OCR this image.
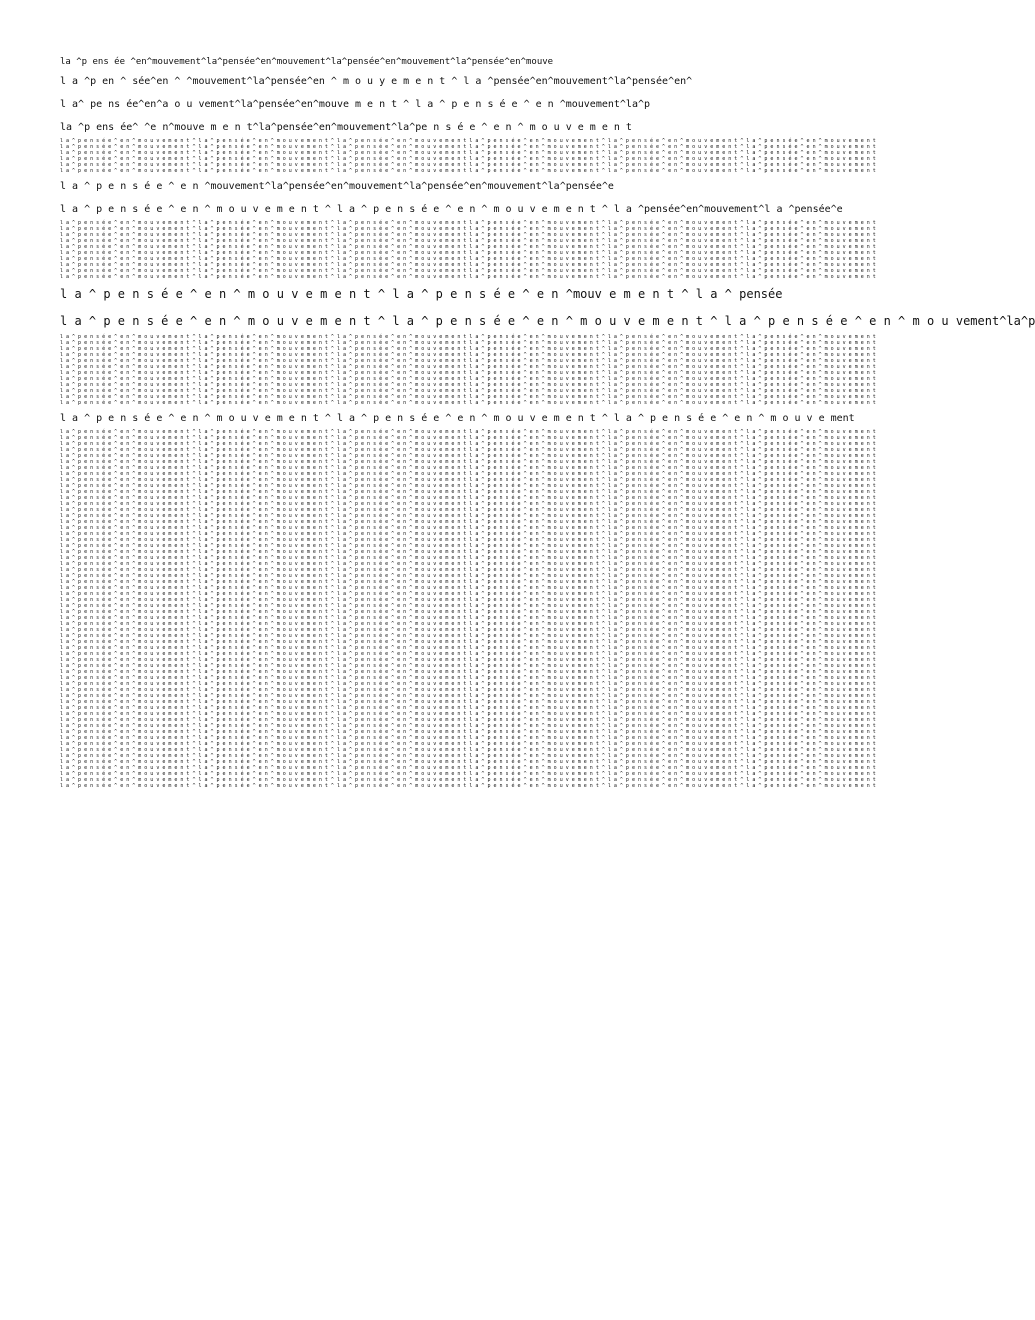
la ^p ens ée ^en^mouvement^la^pensée^en^mouvement^la^pensée^en^mouvement^la^pensée^en^mouve
l a ^p en ^ sée^en ^ ^mouvement^la^pensée^en ^ m o u y e m e n t ^ l a ^pensée^en^mouvement^la^pensée^en^
l a^ pe ns ée^en^a o u vement^la^pensée^en^mouve m e n t ^ l a ^ p e n s é e ^ e n ^mouvement^la^p
la ^p ens ée^ ^e n^mouve m e n t^la^pensée^en^mouvement^la^pe n s é e ^ e n ^ m o u v e m e n t
l a ^ p e n s é e ^ e n ^ m o u v e m e n t ^ l a ^ p e n s é e ^ e n ^ m o u v e m e n t ^ l a ^ p e n s é e ^ e n ^ m o u v e m e n t l a ^ p e n s é e ^ e n ^ m o u v e m e n t ^ l a ^ p e n s é e ^ e n ^ m o u v e m e n t ^ l a ^ p e n s é e ^ e n ^ m o u v e m e n t
l a ^ p e n s é e ^ e n ^ m o u v e m e n t ^ l a ^ p e n s é e ^ e n ^ m o u v e m e n t ^ l a ^ p e n s é e ^ e n ^ m o u v e m e n t l a ^ p e n s é e ^ e n ^ m o u v e m e n t ^ l a ^ p e n s é e ^ e n ^ m o u v e m e n t ^ l a ^ p e n s é e ^ e n ^ m o u v e m e n t
l a ^ p e n s é e ^ e n ^ m o u v e m e n t ^ l a ^ p e n s é e ^ e n ^ m o u v e m e n t ^ l a ^ p e n s é e ^ e n ^ m o u v e m e n t l a ^ p e n s é e ^ e n ^ m o u v e m e n t ^ l a ^ p e n s é e ^ e n ^ m o u v e m e n t ^ l a ^ p e n s é e ^ e n ^ m o u v e m e n t
l a ^ p e n s é e ^ e n ^ m o u v e m e n t ^ l a ^ p e n s é e ^ e n ^ m o u v e m e n t ^ l a ^ p e n s é e ^ e n ^ m o u v e m e n t l a ^ p e n s é e ^ e n ^ m o u v e m e n t ^ l a ^ p e n s é e ^ e n ^ m o u v e m e n t ^ l a ^ p e n s é e ^ e n ^ m o u v e m e n t
l a ^ p e n s é e ^ e n ^ m o u v e m e n t ^ l a ^ p e n s é e ^ e n ^ m o u v e m e n t ^ l a ^ p e n s é e ^ e n ^ m o u v e m e n t l a ^ p e n s é e ^ e n ^ m o u v e m e n t ^ l a ^ p e n s é e ^ e n ^ m o u v e m e n t ^ l a ^ p e n s é e ^ e n ^ m o u v e m e n t
l a ^ p e n s é e ^ e n ^ m o u v e m e n t ^ l a ^ p e n s é e ^ e n ^ m o u v e m e n t ^ l a ^ p e n s é e ^ e n ^ m o u v e m e n t l a ^ p e n s é e ^ e n ^ m o u v e m e n t ^ l a ^ p e n s é e ^ e n ^ m o u v e m e n t ^ l a ^ p e n s é e ^ e n ^ m o u v e m e n t
l a ^ p e n s é e ^ e n ^mouvement^la^pensée^en^mouvement^la^pensée^en^mouvement^la^pensée^e
l a ^ p e n s é e ^ e n ^ m o u v e m e n t ^ l a ^ p e n s é e ^ e n ^ m o u v e m e n t ^ l a ^pensée^en^mouvement^l a ^pensée^e
l a ^ p e n s é e ^ e n ^ m o u v e m e n t ^ l a ^ p e n s é e ^ e n ^ m o u v e m e n t ^ l a ^ p e n s é e ^ e n ^ m o u v e m e n t l a ^ p e n s é e ^ e n ^ m o u v e m e n t ^ l a ^ p e n s é e ^ e n ^ m o u v e m e n t ^ l a ^ p e n s é e ^ e n ^ m o u v e m e n t
l a ^ p e n s é e ^ e n ^ m o u v e m e n t ^ l a ^ p e n s é e ^ e n ^ m o u v e m e n t ^ l a ^ p e n s é e ^ e n ^ m o u v e m e n t l a ^ p e n s é e ^ e n ^ m o u v e m e n t ^ l a ^ p e n s é e ^ e n ^ m o u v e m e n t ^ l a ^ p e n s é e ^ e n ^ m o u v e m e n t
l a ^ p e n s é e ^ e n ^ m o u v e m e n t ^ l a ^ p e n s é e ^ e n ^ m o u v e m e n t ^ l a ^ p e n s é e ^ e n ^ m o u v e m e n t l a ^ p e n s é e ^ e n ^ m o u v e m e n t ^ l a ^ p e n s é e ^ e n ^ m o u v e m e n t ^ l a ^ p e n s é e ^ e n ^ m o u v e m e n t
l a ^ p e n s é e ^ e n ^ m o u v e m e n t ^ l a ^ p e n s é e ^ e n ^ m o u v e m e n t ^ l a ^ p e n s é e ^ e n ^ m o u v e m e n t l a ^ p e n s é e ^ e n ^ m o u v e m e n t ^ l a ^ p e n s é e ^ e n ^ m o u v e m e n t ^ l a ^ p e n s é e ^ e n ^ m o u v e m e n t
l a ^ p e n s é e ^ e n ^ m o u v e m e n t ^ l a ^ p e n s é e ^ e n ^ m o u v e m e n t ^ l a ^ p e n s é e ^ e n ^ m o u v e m e n t l a ^ p e n s é e ^ e n ^ m o u v e m e n t ^ l a ^ p e n s é e ^ e n ^ m o u v e m e n t ^ l a ^ p e n s é e ^ e n ^ m o u v e m e n t
l a ^ p e n s é e ^ e n ^ m o u v e m e n t ^ l a ^ p e n s é e ^ e n ^ m o u v e m e n t ^ l a ^ p e n s é e ^ e n ^ m o u v e m e n t l a ^ p e n s é e ^ e n ^ m o u v e m e n t ^ l a ^ p e n s é e ^ e n ^ m o u v e m e n t ^ l a ^ p e n s é e ^ e n ^ m o u v e m e n t
l a ^ p e n s é e ^ e n ^ m o u v e m e n t ^ l a ^ p e n s é e ^ e n ^ m o u v e m e n t ^ l a ^ p e n s é e ^ e n ^ m o u v e m e n t l a ^ p e n s é e ^ e n ^ m o u v e m e n t ^ l a ^ p e n s é e ^ e n ^ m o u v e m e n t ^ l a ^ p e n s é e ^ e n ^ m o u v e m e n t
l a ^ p e n s é e ^ e n ^ m o u v e m e n t ^ l a ^ p e n s é e ^ e n ^ m o u v e m e n t ^ l a ^ p e n s é e ^ e n ^ m o u v e m e n t l a ^ p e n s é e ^ e n ^ m o u v e m e n t ^ l a ^ p e n s é e ^ e n ^ m o u v e m e n t ^ l a ^ p e n s é e ^ e n ^ m o u v e m e n t
l a ^ p e n s é e ^ e n ^ m o u v e m e n t ^ l a ^ p e n s é e ^ e n ^ m o u v e m e n t ^ l a ^ p e n s é e ^ e n ^ m o u v e m e n t l a ^ p e n s é e ^ e n ^ m o u v e m e n t ^ l a ^ p e n s é e ^ e n ^ m o u v e m e n t ^ l a ^ p e n s é e ^ e n ^ m o u v e m e n t
l a ^ p e n s é e ^ e n ^ m o u v e m e n t ^ l a ^ p e n s é e ^ e n ^ m o u v e m e n t ^ l a ^ p e n s é e ^ e n ^ m o u v e m e n t l a ^ p e n s é e ^ e n ^ m o u v e m e n t ^ l a ^ p e n s é e ^ e n ^ m o u v e m e n t ^ l a ^ p e n s é e ^ e n ^ m o u v e m e n t
l a ^ p e n s é e ^ e n ^ m o u v e m e n t ^ l a ^ p e n s é e ^ e n ^mouv e m e n t ^ l a ^ pensée
l a ^ p e n s é e ^ e n ^ m o u v e m e n t ^ l a ^ p e n s é e ^ e n ^ m o u v e m e n t ^ l a ^ p e n s é e ^ e n ^ m o u vement^la^p
l a ^ p e n s é e ^ e n ^ m o u v e m e n t ^ l a ^ p e n s é e ^ e n ^ m o u v e m e n t ^ l a ^ p e n s é e ^ e n ^ m o u v e m e n t l a ^ p e n s é e ^ e n ^ m o u v e m e n t ^ l a ^ p e n s é e ^ e n ^ m o u v e m e n t ^ l a ^ p e n s é e ^ e n ^ m o u v e m e n t
l a ^ p e n s é e ^ e n ^ m o u v e m e n t ^ l a ^ p e n s é e ^ e n ^ m o u v e m e n t ^ l a ^ p e n s é e ^ e n ^ m o u v e m e n t l a ^ p e n s é e ^ e n ^ m o u v e m e n t ^ l a ^ p e n s é e ^ e n ^ m o u v e m e n t ^ l a ^ p e n s é e ^ e n ^ m o u v e m e n t
l a ^ p e n s é e ^ e n ^ m o u v e m e n t ^ l a ^ p e n s é e ^ e n ^ m o u v e m e n t ^ l a ^ p e n s é e ^ e n ^ m o u v e m e n t l a ^ p e n s é e ^ e n ^ m o u v e m e n t ^ l a ^ p e n s é e ^ e n ^ m o u v e m e n t ^ l a ^ p e n s é e ^ e n ^ m o u v e m e n t
l a ^ p e n s é e ^ e n ^ m o u v e m e n t ^ l a ^ p e n s é e ^ e n ^ m o u v e m e n t ^ l a ^ p e n s é e ^ e n ^ m o u v e m e n t l a ^ p e n s é e ^ e n ^ m o u v e m e n t ^ l a ^ p e n s é e ^ e n ^ m o u v e m e n t ^ l a ^ p e n s é e ^ e n ^ m o u v e m e n t
l a ^ p e n s é e ^ e n ^ m o u v e m e n t ^ l a ^ p e n s é e ^ e n ^ m o u v e m e n t ^ l a ^ p e n s é e ^ e n ^ m o u v e m e n t l a ^ p e n s é e ^ e n ^ m o u v e m e n t ^ l a ^ p e n s é e ^ e n ^ m o u v e m e n t ^ l a ^ p e n s é e ^ e n ^ m o u v e m e n t
l a ^ p e n s é e ^ e n ^ m o u v e m e n t ^ l a ^ p e n s é e ^ e n ^ m o u v e m e n t ^ l a ^ p e n s é e ^ e n ^ m o u v e m e n t l a ^ p e n s é e ^ e n ^ m o u v e m e n t ^ l a ^ p e n s é e ^ e n ^ m o u v e m e n t ^ l a ^ p e n s é e ^ e n ^ m o u v e m e n t
l a ^ p e n s é e ^ e n ^ m o u v e m e n t ^ l a ^ p e n s é e ^ e n ^ m o u v e m e n t ^ l a ^ p e n s é e ^ e n ^ m o u v e m e n t l a ^ p e n s é e ^ e n ^ m o u v e m e n t ^ l a ^ p e n s é e ^ e n ^ m o u v e m e n t ^ l a ^ p e n s é e ^ e n ^ m o u v e m e n t
l a ^ p e n s é e ^ e n ^ m o u v e m e n t ^ l a ^ p e n s é e ^ e n ^ m o u v e m e n t ^ l a ^ p e n s é e ^ e n ^ m o u v e m e n t l a ^ p e n s é e ^ e n ^ m o u v e m e n t ^ l a ^ p e n s é e ^ e n ^ m o u v e m e n t ^ l a ^ p e n s é e ^ e n ^ m o u v e m e n t
l a ^ p e n s é e ^ e n ^ m o u v e m e n t ^ l a ^ p e n s é e ^ e n ^ m o u v e m e n t ^ l a ^ p e n s é e ^ e n ^ m o u v e m e n t l a ^ p e n s é e ^ e n ^ m o u v e m e n t ^ l a ^ p e n s é e ^ e n ^ m o u v e m e n t ^ l a ^ p e n s é e ^ e n ^ m o u v e m e n t
l a ^ p e n s é e ^ e n ^ m o u v e m e n t ^ l a ^ p e n s é e ^ e n ^ m o u v e m e n t ^ l a ^ p e n s é e ^ e n ^ m o u v e m e n t l a ^ p e n s é e ^ e n ^ m o u v e m e n t ^ l a ^ p e n s é e ^ e n ^ m o u v e m e n t ^ l a ^ p e n s é e ^ e n ^ m o u v e m e n t
l a ^ p e n s é e ^ e n ^ m o u v e m e n t ^ l a ^ p e n s é e ^ e n ^ m o u v e m e n t ^ l a ^ p e n s é e ^ e n ^ m o u v e m e n t l a ^ p e n s é e ^ e n ^ m o u v e m e n t ^ l a ^ p e n s é e ^ e n ^ m o u v e m e n t ^ l a ^ p e n s é e ^ e n ^ m o u v e m e n t
l a ^ p e n s é e ^ e n ^ m o u v e m e n t ^ l a ^ p e n s é e ^ e n ^ m o u v e m e n t ^ l a ^ p e n s é e ^ e n ^ m o u v e m e n t l a ^ p e n s é e ^ e n ^ m o u v e m e n t ^ l a ^ p e n s é e ^ e n ^ m o u v e m e n t ^ l a ^ p e n s é e ^ e n ^ m o u v e m e n t
l a ^ p e n s é e ^ e n ^ m o u v e m e n t ^ l a ^ p e n s é e ^ e n ^ m o u v e m e n t ^ l a ^ p e n s é e ^ e n ^ m o u v e ment
l a ^ p e n s é e ^ e n ^ m o u v e m e n t ^ l a ^ p e n s é e ^ e n ^ m o u v e m e n t ^ l a ^ p e n s é e ^ e n ^ m o u v e m e n t l a ^ p e n s é e ^ e n ^ m o u v e m e n t ^ l a ^ p e n s é e ^ e n ^ m o u v e m e n t ^ l a ^ p e n s é e ^ e n ^ m o u v e m e n t
l a ^ p e n s é e ^ e n ^ m o u v e m e n t ^ l a ^ p e n s é e ^ e n ^ m o u v e m e n t ^ l a ^ p e n s é e ^ e n ^ m o u v e m e n t l a ^ p e n s é e ^ e n ^ m o u v e m e n t ^ l a ^ p e n s é e ^ e n ^ m o u v e m e n t ^ l a ^ p e n s é e ^ e n ^ m o u v e m e n t
l a ^ p e n s é e ^ e n ^ m o u v e m e n t ^ l a ^ p e n s é e ^ e n ^ m o u v e m e n t ^ l a ^ p e n s é e ^ e n ^ m o u v e m e n t l a ^ p e n s é e ^ e n ^ m o u v e m e n t ^ l a ^ p e n s é e ^ e n ^ m o u v e m e n t ^ l a ^ p e n s é e ^ e n ^ m o u v e m e n t
l a ^ p e n s é e ^ e n ^ m o u v e m e n t ^ l a ^ p e n s é e ^ e n ^ m o u v e m e n t ^ l a ^ p e n s é e ^ e n ^ m o u v e m e n t l a ^ p e n s é e ^ e n ^ m o u v e m e n t ^ l a ^ p e n s é e ^ e n ^ m o u v e m e n t ^ l a ^ p e n s é e ^ e n ^ m o u v e m e n t
l a ^ p e n s é e ^ e n ^ m o u v e m e n t ^ l a ^ p e n s é e ^ e n ^ m o u v e m e n t ^ l a ^ p e n s é e ^ e n ^ m o u v e m e n t l a ^ p e n s é e ^ e n ^ m o u v e m e n t ^ l a ^ p e n s é e ^ e n ^ m o u v e m e n t ^ l a ^ p e n s é e ^ e n ^ m o u v e m e n t
l a ^ p e n s é e ^ e n ^ m o u v e m e n t ^ l a ^ p e n s é e ^ e n ^ m o u v e m e n t ^ l a ^ p e n s é e ^ e n ^ m o u v e m e n t l a ^ p e n s é e ^ e n ^ m o u v e m e n t ^ l a ^ p e n s é e ^ e n ^ m o u v e m e n t ^ l a ^ p e n s é e ^ e n ^ m o u v e m e n t
l a ^ p e n s é e ^ e n ^ m o u v e m e n t ^ l a ^ p e n s é e ^ e n ^ m o u v e m e n t ^ l a ^ p e n s é e ^ e n ^ m o u v e m e n t l a ^ p e n s é e ^ e n ^ m o u v e m e n t ^ l a ^ p e n s é e ^ e n ^ m o u v e m e n t ^ l a ^ p e n s é e ^ e n ^ m o u v e m e n t
l a ^ p e n s é e ^ e n ^ m o u v e m e n t ^ l a ^ p e n s é e ^ e n ^ m o u v e m e n t ^ l a ^ p e n s é e ^ e n ^ m o u v e m e n t l a ^ p e n s é e ^ e n ^ m o u v e m e n t ^ l a ^ p e n s é e ^ e n ^ m o u v e m e n t ^ l a ^ p e n s é e ^ e n ^ m o u v e m e n t
l a ^ p e n s é e ^ e n ^ m o u v e m e n t ^ l a ^ p e n s é e ^ e n ^ m o u v e m e n t ^ l a ^ p e n s é e ^ e n ^ m o u v e m e n t l a ^ p e n s é e ^ e n ^ m o u v e m e n t ^ l a ^ p e n s é e ^ e n ^ m o u v e m e n t ^ l a ^ p e n s é e ^ e n ^ m o u v e m e n t
l a ^ p e n s é e ^ e n ^ m o u v e m e n t ^ l a ^ p e n s é e ^ e n ^ m o u v e m e n t ^ l a ^ p e n s é e ^ e n ^ m o u v e m e n t l a ^ p e n s é e ^ e n ^ m o u v e m e n t ^ l a ^ p e n s é e ^ e n ^ m o u v e m e n t ^ l a ^ p e n s é e ^ e n ^ m o u v e m e n t
l a ^ p e n s é e ^ e n ^ m o u v e m e n t ^ l a ^ p e n s é e ^ e n ^ m o u v e m e n t ^ l a ^ p e n s é e ^ e n ^ m o u v e m e n t l a ^ p e n s é e ^ e n ^ m o u v e m e n t ^ l a ^ p e n s é e ^ e n ^ m o u v e m e n t ^ l a ^ p e n s é e ^ e n ^ m o u v e m e n t
l a ^ p e n s é e ^ e n ^ m o u v e m e n t ^ l a ^ p e n s é e ^ e n ^ m o u v e m e n t ^ l a ^ p e n s é e ^ e n ^ m o u v e m e n t l a ^ p e n s é e ^ e n ^ m o u v e m e n t ^ l a ^ p e n s é e ^ e n ^ m o u v e m e n t ^ l a ^ p e n s é e ^ e n ^ m o u v e m e n t
l a ^ p e n s é e ^ e n ^ m o u v e m e n t ^ l a ^ p e n s é e ^ e n ^ m o u v e m e n t ^ l a ^ p e n s é e ^ e n ^ m o u v e m e n t l a ^ p e n s é e ^ e n ^ m o u v e m e n t ^ l a ^ p e n s é e ^ e n ^ m o u v e m e n t ^ l a ^ p e n s é e ^ e n ^ m o u v e m e n t
l a ^ p e n s é e ^ e n ^ m o u v e m e n t ^ l a ^ p e n s é e ^ e n ^ m o u v e m e n t ^ l a ^ p e n s é e ^ e n ^ m o u v e m e n t l a ^ p e n s é e ^ e n ^ m o u v e m e n t ^ l a ^ p e n s é e ^ e n ^ m o u v e m e n t ^ l a ^ p e n s é e ^ e n ^ m o u v e m e n t
l a ^ p e n s é e ^ e n ^ m o u v e m e n t ^ l a ^ p e n s é e ^ e n ^ m o u v e m e n t ^ l a ^ p e n s é e ^ e n ^ m o u v e m e n t l a ^ p e n s é e ^ e n ^ m o u v e m e n t ^ l a ^ p e n s é e ^ e n ^ m o u v e m e n t ^ l a ^ p e n s é e ^ e n ^ m o u v e m e n t
l a ^ p e n s é e ^ e n ^ m o u v e m e n t ^ l a ^ p e n s é e ^ e n ^ m o u v e m e n t ^ l a ^ p e n s é e ^ e n ^ m o u v e m e n t l a ^ p e n s é e ^ e n ^ m o u v e m e n t ^ l a ^ p e n s é e ^ e n ^ m o u v e m e n t ^ l a ^ p e n s é e ^ e n ^ m o u v e m e n t
l a ^ p e n s é e ^ e n ^ m o u v e m e n t ^ l a ^ p e n s é e ^ e n ^ m o u v e m e n t ^ l a ^ p e n s é e ^ e n ^ m o u v e m e n t l a ^ p e n s é e ^ e n ^ m o u v e m e n t ^ l a ^ p e n s é e ^ e n ^ m o u v e m e n t ^ l a ^ p e n s é e ^ e n ^ m o u v e m e n t
l a ^ p e n s é e ^ e n ^ m o u v e m e n t ^ l a ^ p e n s é e ^ e n ^ m o u v e m e n t ^ l a ^ p e n s é e ^ e n ^ m o u v e m e n t l a ^ p e n s é e ^ e n ^ m o u v e m e n t ^ l a ^ p e n s é e ^ e n ^ m o u v e m e n t ^ l a ^ p e n s é e ^ e n ^ m o u v e m e n t
l a ^ p e n s é e ^ e n ^ m o u v e m e n t ^ l a ^ p e n s é e ^ e n ^ m o u v e m e n t ^ l a ^ p e n s é e ^ e n ^ m o u v e m e n t l a ^ p e n s é e ^ e n ^ m o u v e m e n t ^ l a ^ p e n s é e ^ e n ^ m o u v e m e n t ^ l a ^ p e n s é e ^ e n ^ m o u v e m e n t
l a ^ p e n s é e ^ e n ^ m o u v e m e n t ^ l a ^ p e n s é e ^ e n ^ m o u v e m e n t ^ l a ^ p e n s é e ^ e n ^ m o u v e m e n t l a ^ p e n s é e ^ e n ^ m o u v e m e n t ^ l a ^ p e n s é e ^ e n ^ m o u v e m e n t ^ l a ^ p e n s é e ^ e n ^ m o u v e m e n t
l a ^ p e n s é e ^ e n ^ m o u v e m e n t ^ l a ^ p e n s é e ^ e n ^ m o u v e m e n t ^ l a ^ p e n s é e ^ e n ^ m o u v e m e n t l a ^ p e n s é e ^ e n ^ m o u v e m e n t ^ l a ^ p e n s é e ^ e n ^ m o u v e m e n t ^ l a ^ p e n s é e ^ e n ^ m o u v e m e n t
l a ^ p e n s é e ^ e n ^ m o u v e m e n t ^ l a ^ p e n s é e ^ e n ^ m o u v e m e n t ^ l a ^ p e n s é e ^ e n ^ m o u v e m e n t l a ^ p e n s é e ^ e n ^ m o u v e m e n t ^ l a ^ p e n s é e ^ e n ^ m o u v e m e n t ^ l a ^ p e n s é e ^ e n ^ m o u v e m e n t
l a ^ p e n s é e ^ e n ^ m o u v e m e n t ^ l a ^ p e n s é e ^ e n ^ m o u v e m e n t ^ l a ^ p e n s é e ^ e n ^ m o u v e m e n t l a ^ p e n s é e ^ e n ^ m o u v e m e n t ^ l a ^ p e n s é e ^ e n ^ m o u v e m e n t ^ l a ^ p e n s é e ^ e n ^ m o u v e m e n t
l a ^ p e n s é e ^ e n ^ m o u v e m e n t ^ l a ^ p e n s é e ^ e n ^ m o u v e m e n t ^ l a ^ p e n s é e ^ e n ^ m o u v e m e n t l a ^ p e n s é e ^ e n ^ m o u v e m e n t ^ l a ^ p e n s é e ^ e n ^ m o u v e m e n t ^ l a ^ p e n s é e ^ e n ^ m o u v e m e n t
l a ^ p e n s é e ^ e n ^ m o u v e m e n t ^ l a ^ p e n s é e ^ e n ^ m o u v e m e n t ^ l a ^ p e n s é e ^ e n ^ m o u v e m e n t l a ^ p e n s é e ^ e n ^ m o u v e m e n t ^ l a ^ p e n s é e ^ e n ^ m o u v e m e n t ^ l a ^ p e n s é e ^ e n ^ m o u v e m e n t
l a ^ p e n s é e ^ e n ^ m o u v e m e n t ^ l a ^ p e n s é e ^ e n ^ m o u v e m e n t ^ l a ^ p e n s é e ^ e n ^ m o u v e m e n t l a ^ p e n s é e ^ e n ^ m o u v e m e n t ^ l a ^ p e n s é e ^ e n ^ m o u v e m e n t ^ l a ^ p e n s é e ^ e n ^ m o u v e m e n t
l a ^ p e n s é e ^ e n ^ m o u v e m e n t ^ l a ^ p e n s é e ^ e n ^ m o u v e m e n t ^ l a ^ p e n s é e ^ e n ^ m o u v e m e n t l a ^ p e n s é e ^ e n ^ m o u v e m e n t ^ l a ^ p e n s é e ^ e n ^ m o u v e m e n t ^ l a ^ p e n s é e ^ e n ^ m o u v e m e n t
l a ^ p e n s é e ^ e n ^ m o u v e m e n t ^ l a ^ p e n s é e ^ e n ^ m o u v e m e n t ^ l a ^ p e n s é e ^ e n ^ m o u v e m e n t l a ^ p e n s é e ^ e n ^ m o u v e m e n t ^ l a ^ p e n s é e ^ e n ^ m o u v e m e n t ^ l a ^ p e n s é e ^ e n ^ m o u v e m e n t
l a ^ p e n s é e ^ e n ^ m o u v e m e n t ^ l a ^ p e n s é e ^ e n ^ m o u v e m e n t ^ l a ^ p e n s é e ^ e n ^ m o u v e m e n t l a ^ p e n s é e ^ e n ^ m o u v e m e n t ^ l a ^ p e n s é e ^ e n ^ m o u v e m e n t ^ l a ^ p e n s é e ^ e n ^ m o u v e m e n t
l a ^ p e n s é e ^ e n ^ m o u v e m e n t ^ l a ^ p e n s é e ^ e n ^ m o u v e m e n t ^ l a ^ p e n s é e ^ e n ^ m o u v e m e n t l a ^ p e n s é e ^ e n ^ m o u v e m e n t ^ l a ^ p e n s é e ^ e n ^ m o u v e m e n t ^ l a ^ p e n s é e ^ e n ^ m o u v e m e n t
l a ^ p e n s é e ^ e n ^ m o u v e m e n t ^ l a ^ p e n s é e ^ e n ^ m o u v e m e n t ^ l a ^ p e n s é e ^ e n ^ m o u v e m e n t l a ^ p e n s é e ^ e n ^ m o u v e m e n t ^ l a ^ p e n s é e ^ e n ^ m o u v e m e n t ^ l a ^ p e n s é e ^ e n ^ m o u v e m e n t
l a ^ p e n s é e ^ e n ^ m o u v e m e n t ^ l a ^ p e n s é e ^ e n ^ m o u v e m e n t ^ l a ^ p e n s é e ^ e n ^ m o u v e m e n t l a ^ p e n s é e ^ e n ^ m o u v e m e n t ^ l a ^ p e n s é e ^ e n ^ m o u v e m e n t ^ l a ^ p e n s é e ^ e n ^ m o u v e m e n t
l a ^ p e n s é e ^ e n ^ m o u v e m e n t ^ l a ^ p e n s é e ^ e n ^ m o u v e m e n t ^ l a ^ p e n s é e ^ e n ^ m o u v e m e n t l a ^ p e n s é e ^ e n ^ m o u v e m e n t ^ l a ^ p e n s é e ^ e n ^ m o u v e m e n t ^ l a ^ p e n s é e ^ e n ^ m o u v e m e n t
l a ^ p e n s é e ^ e n ^ m o u v e m e n t ^ l a ^ p e n s é e ^ e n ^ m o u v e m e n t ^ l a ^ p e n s é e ^ e n ^ m o u v e m e n t l a ^ p e n s é e ^ e n ^ m o u v e m e n t ^ l a ^ p e n s é e ^ e n ^ m o u v e m e n t ^ l a ^ p e n s é e ^ e n ^ m o u v e m e n t
l a ^ p e n s é e ^ e n ^ m o u v e m e n t ^ l a ^ p e n s é e ^ e n ^ m o u v e m e n t ^ l a ^ p e n s é e ^ e n ^ m o u v e m e n t l a ^ p e n s é e ^ e n ^ m o u v e m e n t ^ l a ^ p e n s é e ^ e n ^ m o u v e m e n t ^ l a ^ p e n s é e ^ e n ^ m o u v e m e n t
l a ^ p e n s é e ^ e n ^ m o u v e m e n t ^ l a ^ p e n s é e ^ e n ^ m o u v e m e n t ^ l a ^ p e n s é e ^ e n ^ m o u v e m e n t l a ^ p e n s é e ^ e n ^ m o u v e m e n t ^ l a ^ p e n s é e ^ e n ^ m o u v e m e n t ^ l a ^ p e n s é e ^ e n ^ m o u v e m e n t
l a ^ p e n s é e ^ e n ^ m o u v e m e n t ^ l a ^ p e n s é e ^ e n ^ m o u v e m e n t ^ l a ^ p e n s é e ^ e n ^ m o u v e m e n t l a ^ p e n s é e ^ e n ^ m o u v e m e n t ^ l a ^ p e n s é e ^ e n ^ m o u v e m e n t ^ l a ^ p e n s é e ^ e n ^ m o u v e m e n t
l a ^ p e n s é e ^ e n ^ m o u v e m e n t ^ l a ^ p e n s é e ^ e n ^ m o u v e m e n t ^ l a ^ p e n s é e ^ e n ^ m o u v e m e n t l a ^ p e n s é e ^ e n ^ m o u v e m e n t ^ l a ^ p e n s é e ^ e n ^ m o u v e m e n t ^ l a ^ p e n s é e ^ e n ^ m o u v e m e n t
l a ^ p e n s é e ^ e n ^ m o u v e m e n t ^ l a ^ p e n s é e ^ e n ^ m o u v e m e n t ^ l a ^ p e n s é e ^ e n ^ m o u v e m e n t l a ^ p e n s é e ^ e n ^ m o u v e m e n t ^ l a ^ p e n s é e ^ e n ^ m o u v e m e n t ^ l a ^ p e n s é e ^ e n ^ m o u v e m e n t
l a ^ p e n s é e ^ e n ^ m o u v e m e n t ^ l a ^ p e n s é e ^ e n ^ m o u v e m e n t ^ l a ^ p e n s é e ^ e n ^ m o u v e m e n t l a ^ p e n s é e ^ e n ^ m o u v e m e n t ^ l a ^ p e n s é e ^ e n ^ m o u v e m e n t ^ l a ^ p e n s é e ^ e n ^ m o u v e m e n t
l a ^ p e n s é e ^ e n ^ m o u v e m e n t ^ l a ^ p e n s é e ^ e n ^ m o u v e m e n t ^ l a ^ p e n s é e ^ e n ^ m o u v e m e n t l a ^ p e n s é e ^ e n ^ m o u v e m e n t ^ l a ^ p e n s é e ^ e n ^ m o u v e m e n t ^ l a ^ p e n s é e ^ e n ^ m o u v e m e n t
l a ^ p e n s é e ^ e n ^ m o u v e m e n t ^ l a ^ p e n s é e ^ e n ^ m o u v e m e n t ^ l a ^ p e n s é e ^ e n ^ m o u v e m e n t l a ^ p e n s é e ^ e n ^ m o u v e m e n t ^ l a ^ p e n s é e ^ e n ^ m o u v e m e n t ^ l a ^ p e n s é e ^ e n ^ m o u v e m e n t
l a ^ p e n s é e ^ e n ^ m o u v e m e n t ^ l a ^ p e n s é e ^ e n ^ m o u v e m e n t ^ l a ^ p e n s é e ^ e n ^ m o u v e m e n t l a ^ p e n s é e ^ e n ^ m o u v e m e n t ^ l a ^ p e n s é e ^ e n ^ m o u v e m e n t ^ l a ^ p e n s é e ^ e n ^ m o u v e m e n t
l a ^ p e n s é e ^ e n ^ m o u v e m e n t ^ l a ^ p e n s é e ^ e n ^ m o u v e m e n t ^ l a ^ p e n s é e ^ e n ^ m o u v e m e n t l a ^ p e n s é e ^ e n ^ m o u v e m e n t ^ l a ^ p e n s é e ^ e n ^ m o u v e m e n t ^ l a ^ p e n s é e ^ e n ^ m o u v e m e n t
l a ^ p e n s é e ^ e n ^ m o u v e m e n t ^ l a ^ p e n s é e ^ e n ^ m o u v e m e n t ^ l a ^ p e n s é e ^ e n ^ m o u v e m e n t l a ^ p e n s é e ^ e n ^ m o u v e m e n t ^ l a ^ p e n s é e ^ e n ^ m o u v e m e n t ^ l a ^ p e n s é e ^ e n ^ m o u v e m e n t
l a ^ p e n s é e ^ e n ^ m o u v e m e n t ^ l a ^ p e n s é e ^ e n ^ m o u v e m e n t ^ l a ^ p e n s é e ^ e n ^ m o u v e m e n t l a ^ p e n s é e ^ e n ^ m o u v e m e n t ^ l a ^ p e n s é e ^ e n ^ m o u v e m e n t ^ l a ^ p e n s é e ^ e n ^ m o u v e m e n t
l a ^ p e n s é e ^ e n ^ m o u v e m e n t ^ l a ^ p e n s é e ^ e n ^ m o u v e m e n t ^ l a ^ p e n s é e ^ e n ^ m o u v e m e n t l a ^ p e n s é e ^ e n ^ m o u v e m e n t ^ l a ^ p e n s é e ^ e n ^ m o u v e m e n t ^ l a ^ p e n s é e ^ e n ^ m o u v e m e n t
l a ^ p e n s é e ^ e n ^ m o u v e m e n t ^ l a ^ p e n s é e ^ e n ^ m o u v e m e n t ^ l a ^ p e n s é e ^ e n ^ m o u v e m e n t l a ^ p e n s é e ^ e n ^ m o u v e m e n t ^ l a ^ p e n s é e ^ e n ^ m o u v e m e n t ^ l a ^ p e n s é e ^ e n ^ m o u v e m e n t
l a ^ p e n s é e ^ e n ^ m o u v e m e n t ^ l a ^ p e n s é e ^ e n ^ m o u v e m e n t ^ l a ^ p e n s é e ^ e n ^ m o u v e m e n t l a ^ p e n s é e ^ e n ^ m o u v e m e n t ^ l a ^ p e n s é e ^ e n ^ m o u v e m e n t ^ l a ^ p e n s é e ^ e n ^ m o u v e m e n t
l a ^ p e n s é e ^ e n ^ m o u v e m e n t ^ l a ^ p e n s é e ^ e n ^ m o u v e m e n t ^ l a ^ p e n s é e ^ e n ^ m o u v e m e n t l a ^ p e n s é e ^ e n ^ m o u v e m e n t ^ l a ^ p e n s é e ^ e n ^ m o u v e m e n t ^ l a ^ p e n s é e ^ e n ^ m o u v e m e n t
l a ^ p e n s é e ^ e n ^ m o u v e m e n t ^ l a ^ p e n s é e ^ e n ^ m o u v e m e n t ^ l a ^ p e n s é e ^ e n ^ m o u v e m e n t l a ^ p e n s é e ^ e n ^ m o u v e m e n t ^ l a ^ p e n s é e ^ e n ^ m o u v e m e n t ^ l a ^ p e n s é e ^ e n ^ m o u v e m e n t
l a ^ p e n s é e ^ e n ^ m o u v e m e n t ^ l a ^ p e n s é e ^ e n ^ m o u v e m e n t ^ l a ^ p e n s é e ^ e n ^ m o u v e m e n t l a ^ p e n s é e ^ e n ^ m o u v e m e n t ^ l a ^ p e n s é e ^ e n ^ m o u v e m e n t ^ l a ^ p e n s é e ^ e n ^ m o u v e m e n t
l a ^ p e n s é e ^ e n ^ m o u v e m e n t ^ l a ^ p e n s é e ^ e n ^ m o u v e m e n t ^ l a ^ p e n s é e ^ e n ^ m o u v e m e n t l a ^ p e n s é e ^ e n ^ m o u v e m e n t ^ l a ^ p e n s é e ^ e n ^ m o u v e m e n t ^ l a ^ p e n s é e ^ e n ^ m o u v e m e n t
l a ^ p e n s é e ^ e n ^ m o u v e m e n t ^ l a ^ p e n s é e ^ e n ^ m o u v e m e n t ^ l a ^ p e n s é e ^ e n ^ m o u v e m e n t l a ^ p e n s é e ^ e n ^ m o u v e m e n t ^ l a ^ p e n s é e ^ e n ^ m o u v e m e n t ^ l a ^ p e n s é e ^ e n ^ m o u v e m e n t
l a ^ p e n s é e ^ e n ^ m o u v e m e n t ^ l a ^ p e n s é e ^ e n ^ m o u v e m e n t ^ l a ^ p e n s é e ^ e n ^ m o u v e m e n t l a ^ p e n s é e ^ e n ^ m o u v e m e n t ^ l a ^ p e n s é e ^ e n ^ m o u v e m e n t ^ l a ^ p e n s é e ^ e n ^ m o u v e m e n t
l a ^ p e n s é e ^ e n ^ m o u v e m e n t ^ l a ^ p e n s é e ^ e n ^ m o u v e m e n t ^ l a ^ p e n s é e ^ e n ^ m o u v e m e n t l a ^ p e n s é e ^ e n ^ m o u v e m e n t ^ l a ^ p e n s é e ^ e n ^ m o u v e m e n t ^ l a ^ p e n s é e ^ e n ^ m o u v e m e n t
l a ^ p e n s é e ^ e n ^ m o u v e m e n t ^ l a ^ p e n s é e ^ e n ^ m o u v e m e n t ^ l a ^ p e n s é e ^ e n ^ m o u v e m e n t l a ^ p e n s é e ^ e n ^ m o u v e m e n t ^ l a ^ p e n s é e ^ e n ^ m o u v e m e n t ^ l a ^ p e n s é e ^ e n ^ m o u v e m e n t
l a ^ p e n s é e ^ e n ^ m o u v e m e n t ^ l a ^ p e n s é e ^ e n ^ m o u v e m e n t ^ l a ^ p e n s é e ^ e n ^ m o u v e m e n t l a ^ p e n s é e ^ e n ^ m o u v e m e n t ^ l a ^ p e n s é e ^ e n ^ m o u v e m e n t ^ l a ^ p e n s é e ^ e n ^ m o u v e m e n t
l a ^ p e n s é e ^ e n ^ m o u v e m e n t ^ l a ^ p e n s é e ^ e n ^ m o u v e m e n t ^ l a ^ p e n s é e ^ e n ^ m o u v e m e n t l a ^ p e n s é e ^ e n ^ m o u v e m e n t ^ l a ^ p e n s é e ^ e n ^ m o u v e m e n t ^ l a ^ p e n s é e ^ e n ^ m o u v e m e n t
l a ^ p e n s é e ^ e n ^ m o u v e m e n t ^ l a ^ p e n s é e ^ e n ^ m o u v e m e n t ^ l a ^ p e n s é e ^ e n ^ m o u v e m e n t l a ^ p e n s é e ^ e n ^ m o u v e m e n t ^ l a ^ p e n s é e ^ e n ^ m o u v e m e n t ^ l a ^ p e n s é e ^ e n ^ m o u v e m e n t
